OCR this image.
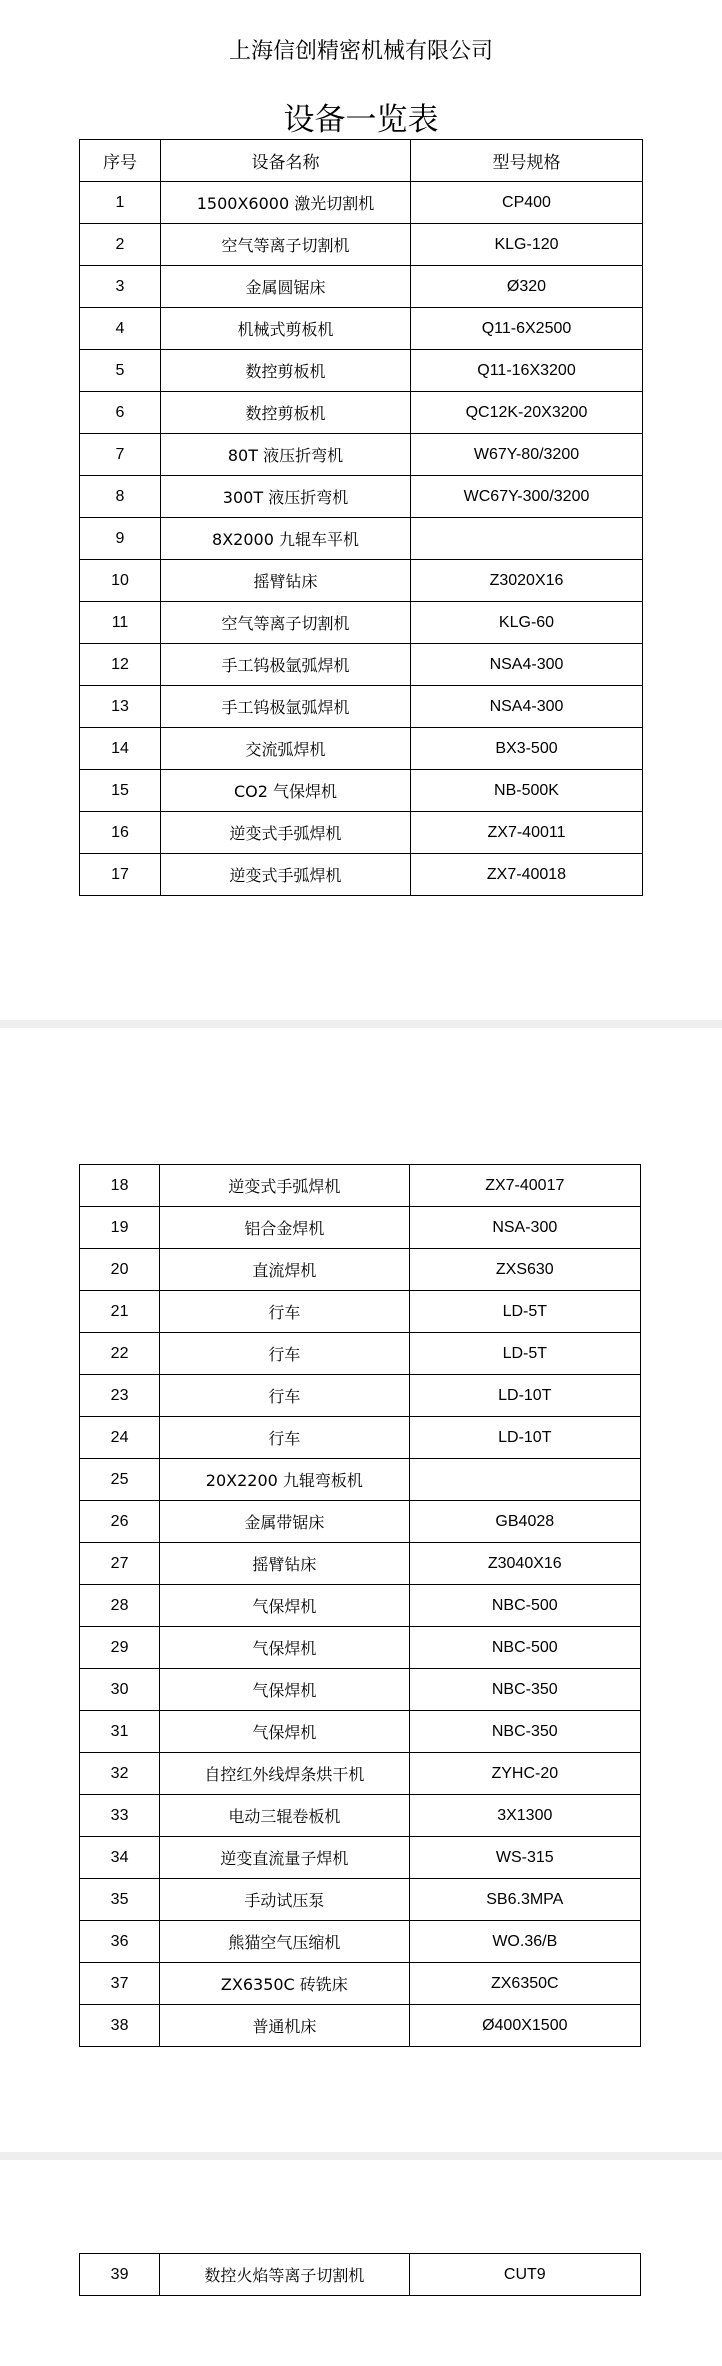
上海信创精密机械有限公司
设备一览表
序号	设备名称	型号规格
1	1500X6000 激光切割机	CP400
2	空气等离子切割机	KLG-120
3	金属圆锯床	Ø320
4	机械式剪板机	Q11-6X2500
5	数控剪板机	Q11-16X3200
6	数控剪板机	QC12K-20X3200
7	80T 液压折弯机	W67Y-80/3200
8	300T 液压折弯机	WC67Y-300/3200
9	8X2000 九辊车平机	
10	摇臂钻床	Z3020X16
11	空气等离子切割机	KLG-60
12	手工钨极氩弧焊机	NSA4-300
13	手工钨极氩弧焊机	NSA4-300
14	交流弧焊机	BX3-500
15	CO2 气保焊机	NB-500K
16	逆变式手弧焊机	ZX7-40011
17	逆变式手弧焊机	ZX7-40018
18	逆变式手弧焊机	ZX7-40017
19	铝合金焊机	NSA-300
20	直流焊机	ZXS630
21	行车	LD-5T
22	行车	LD-5T
23	行车	LD-10T
24	行车	LD-10T
25	20X2200 九辊弯板机	
26	金属带锯床	GB4028
27	摇臂钻床	Z3040X16
28	气保焊机	NBC-500
29	气保焊机	NBC-500
30	气保焊机	NBC-350
31	气保焊机	NBC-350
32	自控红外线焊条烘干机	ZYHC-20
33	电动三辊卷板机	3X1300
34	逆变直流量子焊机	WS-315
35	手动试压泵	SB6.3MPA
36	熊猫空气压缩机	WO.36/B
37	ZX6350C 砖铣床	ZX6350C
38	普通机床	Ø400X1500
39	数控火焰等离子切割机	CUT9
